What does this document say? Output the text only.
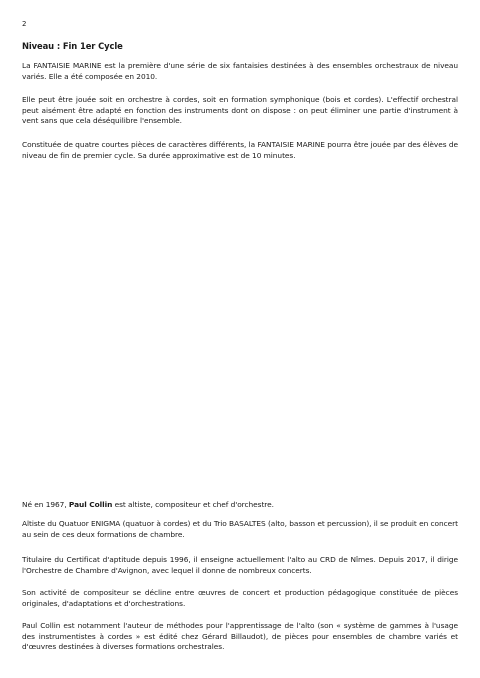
2
Niveau : Fin 1er Cycle

La FANTAISIE MARINE est la première d'une série de six fantaisies destinées à des ensembles orchestraux de niveau variés. Elle a été composée en 2010.

Elle peut être jouée soit en orchestre à cordes, soit en formation symphonique (bois et cordes). L'effectif orchestral peut aisément être adapté en fonction des instruments dont on dispose : on peut éliminer une partie d'instrument à vent sans que cela déséquilibre l'ensemble.

Constituée de quatre courtes pièces de caractères différents, la FANTAISIE MARINE pourra être jouée par des élèves de niveau de fin de premier cycle. Sa durée approximative est de 10 minutes.

Né en 1967, Paul Collin est altiste, compositeur et chef d'orchestre.

Altiste du Quatuor ENIGMA (quatuor à cordes) et du Trio BASALTES (alto, basson et percussion), il se produit en concert au sein de ces deux formations de chambre.

Titulaire du Certificat d'aptitude depuis 1996, il enseigne actuellement l'alto au CRD de Nîmes. Depuis 2017, il dirige l'Orchestre de Chambre d'Avignon, avec lequel il donne de nombreux concerts.

Son activité de compositeur se décline entre œuvres de concert et production pédagogique constituée de pièces originales, d'adaptations et d'orchestrations.

Paul Collin est notamment l'auteur de méthodes pour l'apprentissage de l'alto (son « système de gammes à l'usage des instrumentistes à cordes » est édité chez Gérard Billaudot), de pièces pour ensembles de chambre variés et d'œuvres destinées à diverses formations orchestrales.
